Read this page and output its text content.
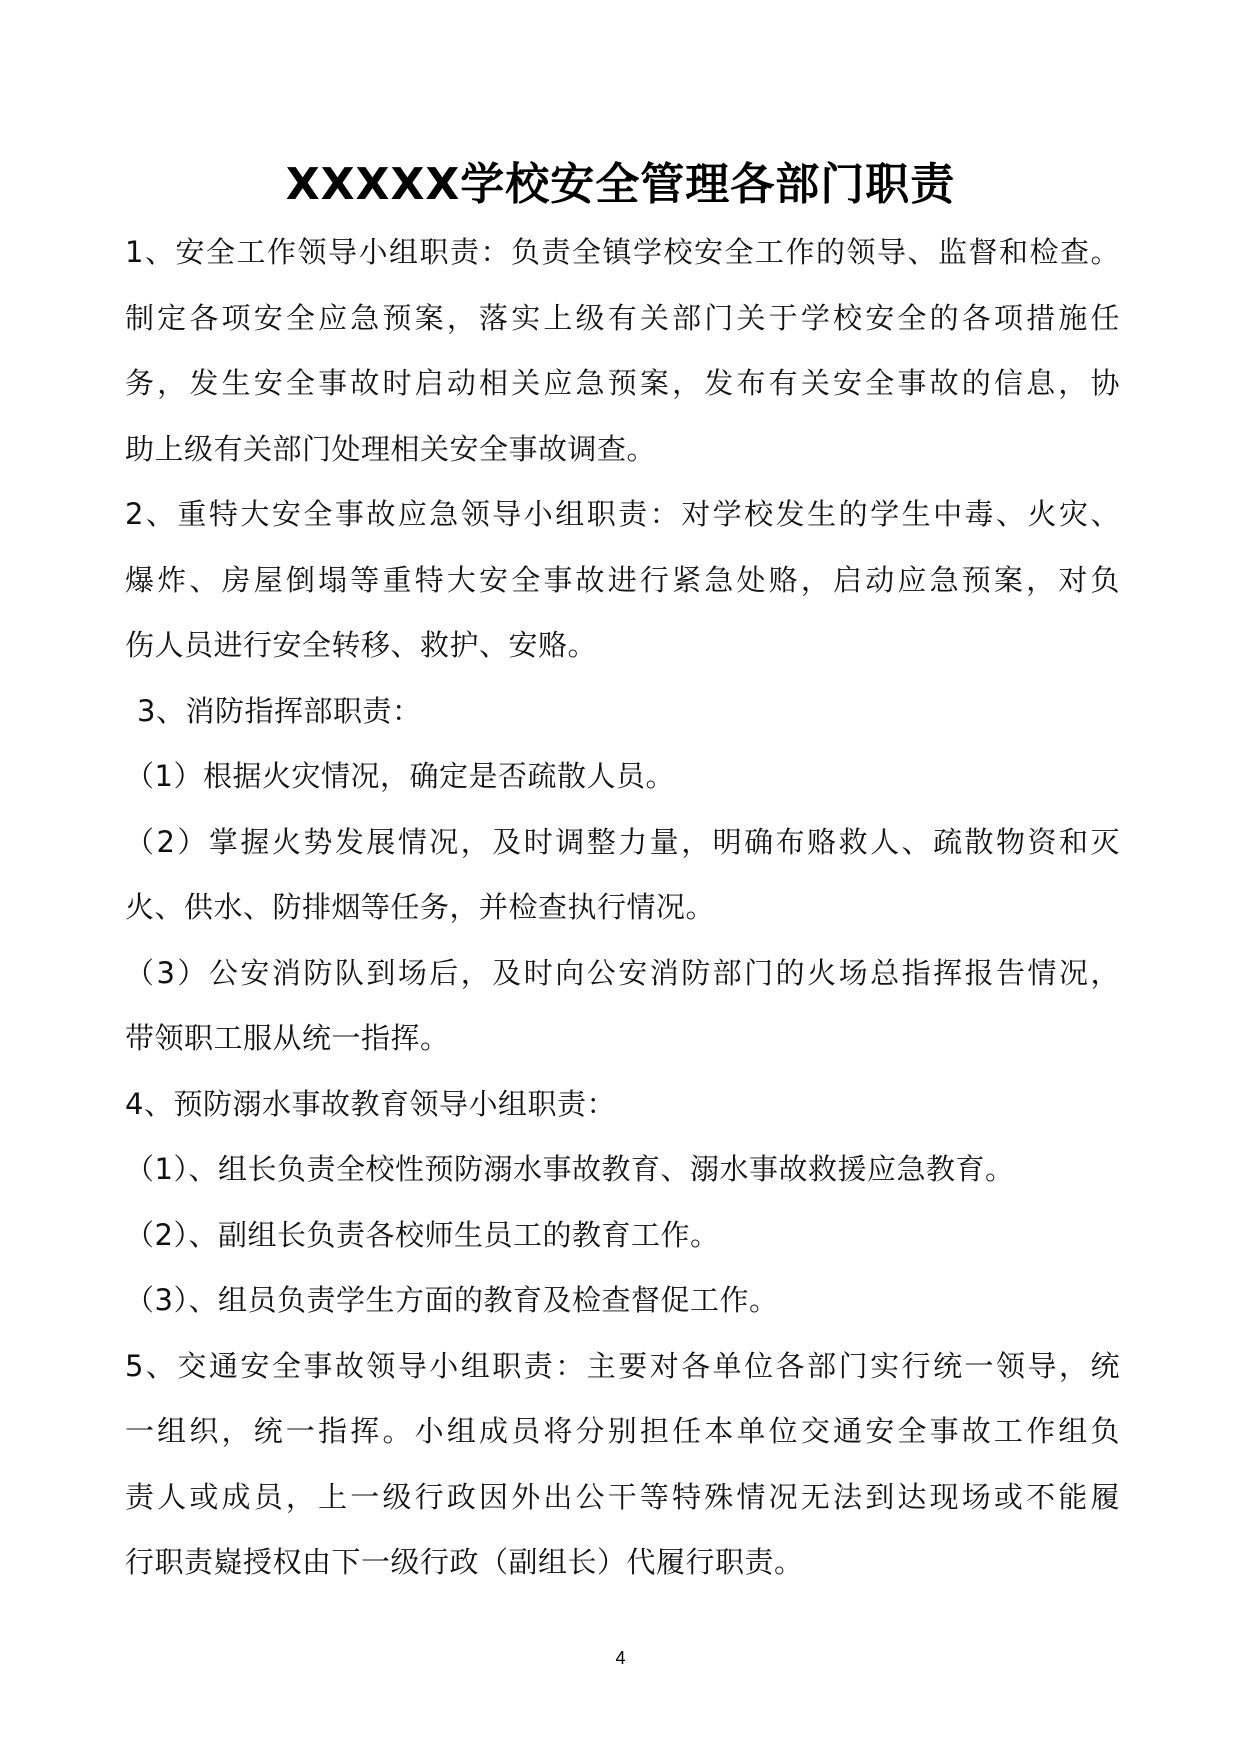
XXXXX学校安全管理各部门职责
1、安全工作领导小组职责：负责全镇学校安全工作的领导、监督和检查。
制定各项安全应急预案，落实上级有关部门关于学校安全的各项措施任
务，发生安全事故时启动相关应急预案，发布有关安全事故的信息，协
助上级有关部门处理相关安全事故调查。
2、重特大安全事故应急领导小组职责：对学校发生的学生中毒、火灾、
爆炸、房屋倒塌等重特大安全事故进行紧急处赂，启动应急预案，对负
伤人员进行安全转移、救护、安赂。
3、消防指挥部职责：
（1）根据火灾情况，确定是否疏散人员。
（2）掌握火势发展情况，及时调整力量，明确布赂救人、疏散物资和灭
火、供水、防排烟等任务，并检查执行情况。
（3）公安消防队到场后，及时向公安消防部门的火场总指挥报告情况，
带领职工服从统一指挥。
4、预防溺水事故教育领导小组职责：
（1）、组长负责全校性预防溺水事故教育、溺水事故救援应急教育。
（2）、副组长负责各校师生员工的教育工作。
（3）、组员负责学生方面的教育及检查督促工作。
5、交通安全事故领导小组职责：主要对各单位各部门实行统一领导，统
一组织，统一指挥。小组成员将分别担任本单位交通安全事故工作组负
责人或成员，上一级行政因外出公干等特殊情况无法到达现场或不能履
行职责嶷授权由下一级行政（副组长）代履行职责。
4
